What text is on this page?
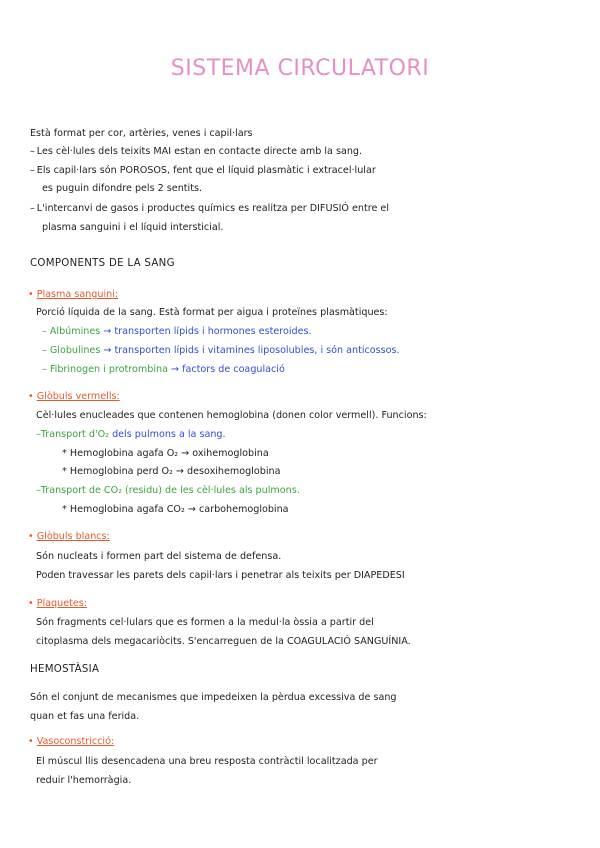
SISTEMA CIRCULATORI
Està format per cor, artèries, venes i capil·lars
– Les cèl·lules dels teixits MAI estan en contacte directe amb la sang.
– Els capil·lars són POROSOS, fent que el líquid plasmàtic i extracel·lular
es puguin difondre pels 2 sentits.
– L'intercanvi de gasos i productes químics es realitza per DIFUSIÓ entre el
plasma sanguini i el líquid intersticial.
COMPONENTS DE LA SANG
• Plasma sanguini:
Porció líquida de la sang. Està format per aigua i proteïnes plasmàtiques:
– Albúmines → transporten lípids i hormones esteroides.
– Globulines → transporten lípids i vitamines liposolubles, i són anticossos.
– Fibrinogen i protrombina → factors de coagulació
• Glòbuls vermells:
Cèl·lules enucleades que contenen hemoglobina (donen color vermell). Funcions:
–Transport d'O₂ dels pulmons a la sang.
* Hemoglobina agafa O₂ → oxihemoglobina
* Hemoglobina perd O₂ → desoxihemoglobina
–Transport de CO₂ (residu) de les cèl·lules als pulmons.
* Hemoglobina agafa CO₂ → carbohemoglobina
• Glòbuls blancs:
Són nucleats i formen part del sistema de defensa.
Poden travessar les parets dels capil·lars i penetrar als teixits per DIAPEDESI
• Plaquetes:
Són fragments cel·lulars que es formen a la medul·la òssia a partir del
citoplasma dels megacariòcits. S'encarreguen de la COAGULACIÓ SANGUÍNIA.
HEMOSTÀSIA
Són el conjunt de mecanismes que impedeixen la pèrdua excessiva de sang
quan et fas una ferida.
• Vasoconstricció:
El múscul llis desencadena una breu resposta contràctil localitzada per
reduir l'hemorràgia.
